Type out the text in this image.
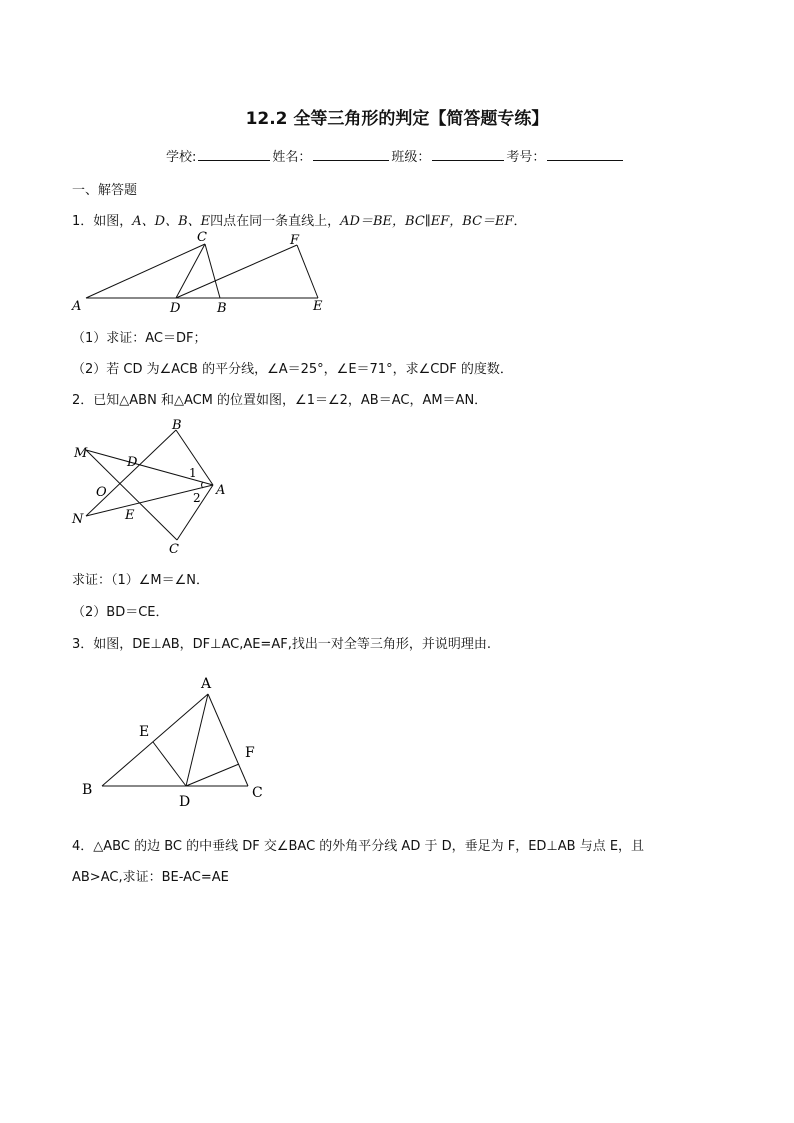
12.2 全等三角形的判定【简答题专练】
学校:	姓名：	班级：	考号：
一、解答题
1．如图，A、D、B、E四点在同一条直线上，AD＝BE，BC∥EF，BC＝EF．
A
C
D	B
F
E
（1）求证：AC＝DF；
（2）若 CD 为∠ACB 的平分线，∠A＝25°，∠E＝71°，求∠CDF 的度数．
2．已知△ABN 和△ACM 的位置如图，∠1＝∠2，AB＝AC，AM＝AN．
M
B
D
1
A
O	2
N	E
C
求证：（1）∠M＝∠N．
（2）BD＝CE．
3．如图，DE⊥AB，DF⊥AC,AE=AF,找出一对全等三角形，并说明理由.
A
E
F
B
D
C
4．△ABC 的边 BC 的中垂线 DF 交∠BAC 的外角平分线 AD 于 D，垂足为 F，ED⊥AB 与点 E，且
AB>AC,求证：BE-AC=AE
